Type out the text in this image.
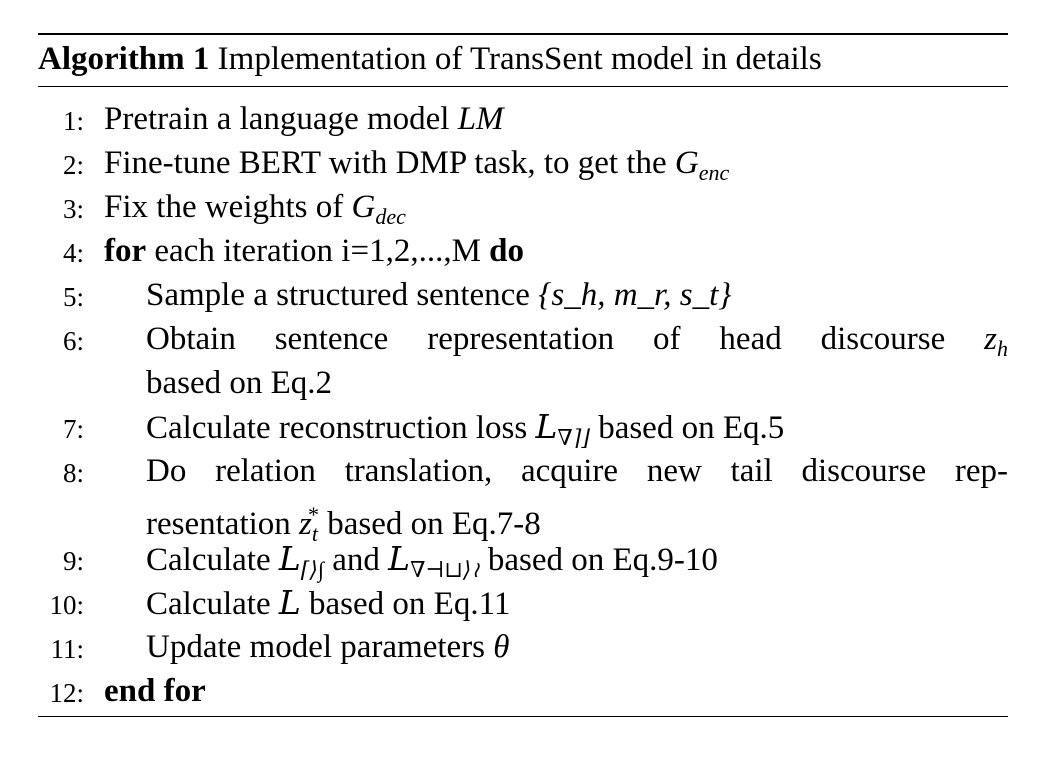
Algorithm 1 Implementation of TransSent model in details
1: Pretrain a language model LM
2: Fine-tune BERT with DMP task, to get the $G_{enc}$
3: Fix the weights of $G_{dec}$
4: for each iteration i=1,2,...,M do
5: Sample a structured sentence {s_h, m_r, s_t}
6: Obtain sentence representation of head discourse $z_h$
based on Eq.2
7: Calculate reconstruction loss $L_{\nabla⌉⌋}$ based on Eq.5
8: Do relation translation, acquire new tail discourse rep-
resentation $z_t^*$ based on Eq.7-8
9: Calculate $L_{⌈⟩\int}$ and $L_{\nabla⊣⊔⟩≀}$ based on Eq.9-10
10: Calculate L based on Eq.11
11: Update model parameters θ
12: end for
